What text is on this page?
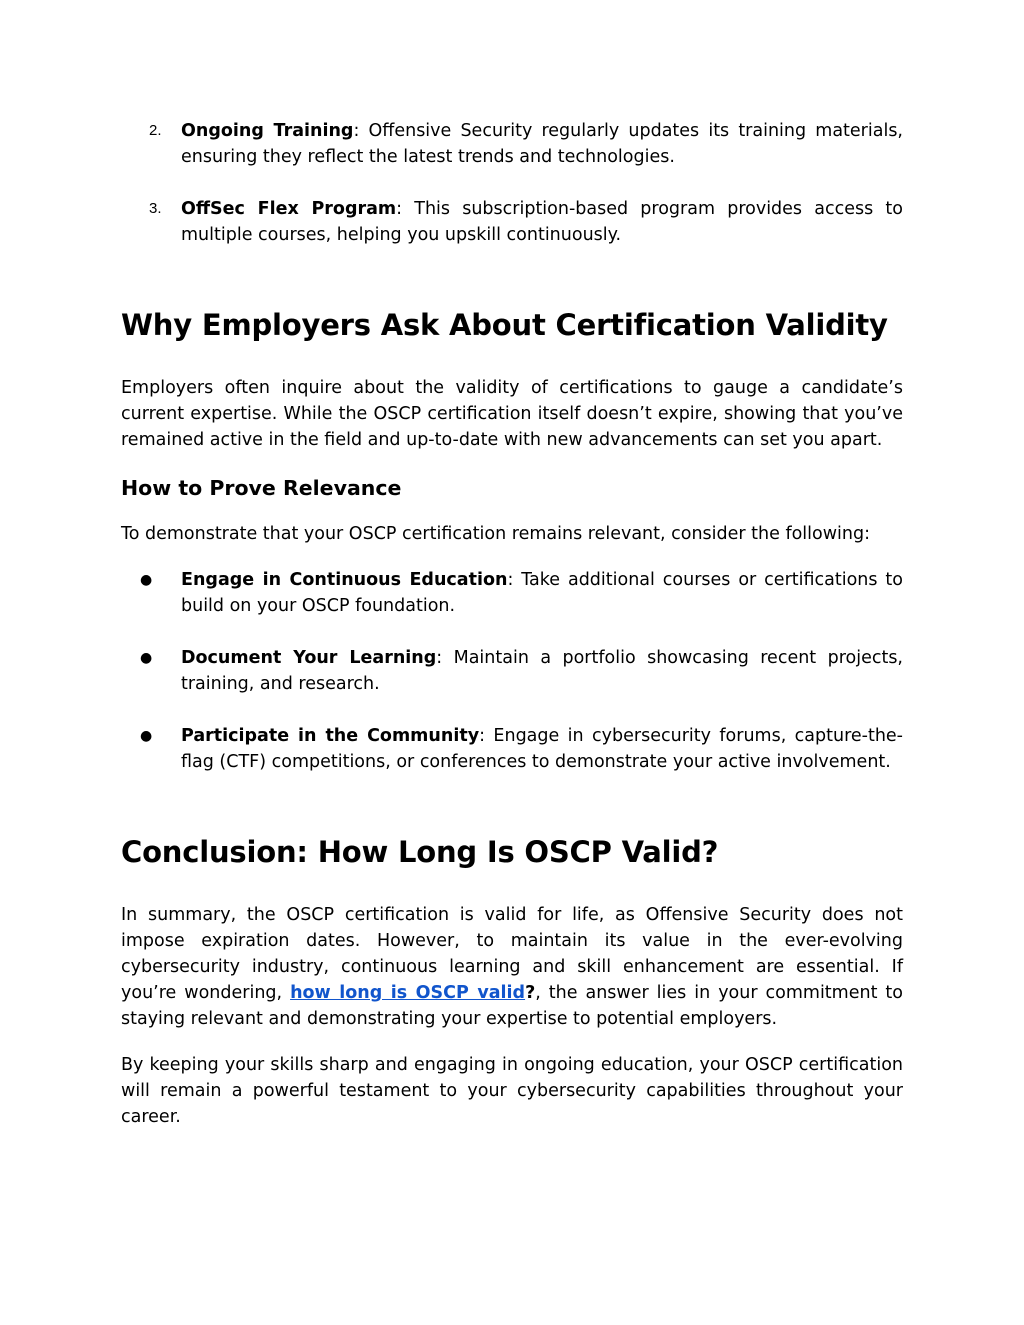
2. Ongoing Training: Offensive Security regularly updates its training materials, ensuring they reflect the latest trends and technologies.
3. OffSec Flex Program: This subscription-based program provides access to multiple courses, helping you upskill continuously.
Why Employers Ask About Certification Validity

Employers often inquire about the validity of certifications to gauge a candidate’s current expertise. While the OSCP certification itself doesn’t expire, showing that you’ve remained active in the field and up-to-date with new advancements can set you apart.

How to Prove Relevance

To demonstrate that your OSCP certification remains relevant, consider the following:

● Engage in Continuous Education: Take additional courses or certifications to build on your OSCP foundation.
● Document Your Learning: Maintain a portfolio showcasing recent projects, training, and research.
● Participate in the Community: Engage in cybersecurity forums, capture-the-flag (CTF) competitions, or conferences to demonstrate your active involvement.
Conclusion: How Long Is OSCP Valid?

In summary, the OSCP certification is valid for life, as Offensive Security does not impose expiration dates. However, to maintain its value in the ever-evolving cybersecurity industry, continuous learning and skill enhancement are essential. If you’re wondering, how long is OSCP valid?, the answer lies in your commitment to staying relevant and demonstrating your expertise to potential employers.

By keeping your skills sharp and engaging in ongoing education, your OSCP certification will remain a powerful testament to your cybersecurity capabilities throughout your career.
